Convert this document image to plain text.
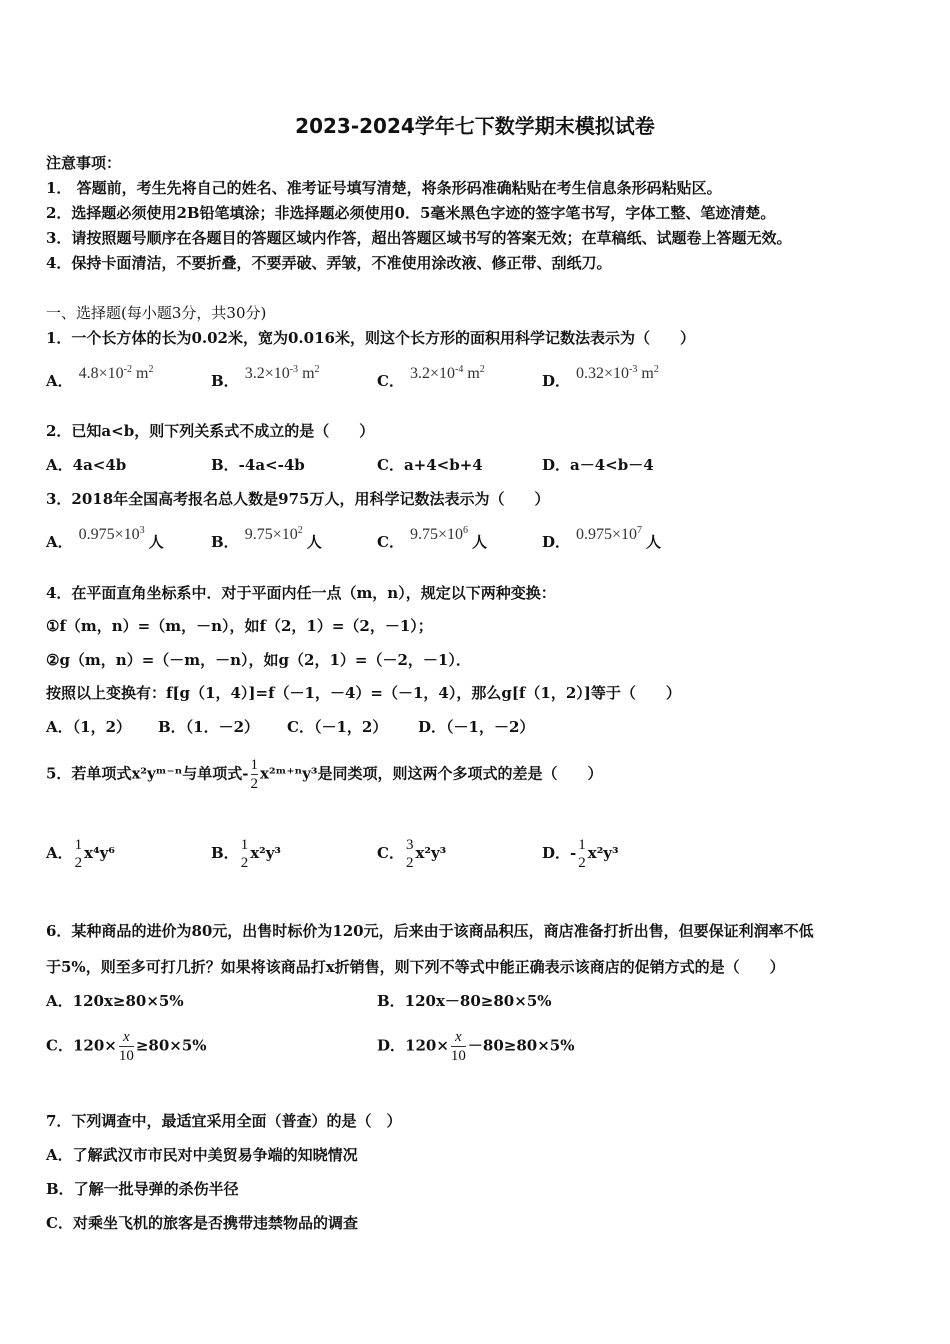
2023-2024学年七下数学期末模拟试卷
注意事项：
1． 答题前，考生先将自己的姓名、准考证号填写清楚，将条形码准确粘贴在考生信息条形码粘贴区。
2．选择题必须使用2B铅笔填涂；非选择题必须使用0．5毫米黑色字迹的签字笔书写，字体工整、笔迹清楚。
3．请按照题号顺序在各题目的答题区域内作答，超出答题区域书写的答案无效；在草稿纸、试题卷上答题无效。
4．保持卡面清洁，不要折叠，不要弄破、弄皱，不准使用涂改液、修正带、刮纸刀。
一、选择题(每小题3分，共30分)
1．一个长方体的长为0.02米，宽为0.016米，则这个长方形的面积用科学记数法表示为（　　）
A． $4.8\times 10^{-2}$ $m^2$
B． $3.2\times 10^{-3}$ $m^2$
C． $3.2\times 10^{-4}$ $m^2$
D． $0.32\times 10^{-3}$ $m^2$
2．已知a<b，则下列关系式不成立的是（　　）
A．4a<4b	B．-4a<-4b	C．a+4<b+4	D．a－4<b－4
3．2018年全国高考报名总人数是975万人，用科学记数法表示为（　　）
A． $0.975\times 10^3$人	B． $9.75\times 10^2$人	C． $9.75\times 10^6$人	D． $0.975\times 10^7$人
4．在平面直角坐标系中．对于平面内任一点（m，n），规定以下两种变换：
①f（m，n）=（m，－n），如f（2，1）=（2，－1）；
②g（m，n）=（－m，－n），如g（2，1）=（－2，－1）．
按照以上变换有：f[g（1，4）]=f（－1，－4）=（－1，4），那么g[f（1，2）]等于（　　）
A．（1，2） B．（1．－2） C．（－1，2） D．（－1，－2）
5．若单项式x²yᵐ⁻ⁿ与单项式- $\frac{1}{2}$ x²ᵐ⁺ⁿy³是同类项，则这两个多项式的差是（　　）
A． 1
2
x⁴y⁶	B． 1
2
x²y³	C． 3
2
x²y³	D．- 1
2
x²y³
6．某种商品的进价为80元，出售时标价为120元，后来由于该商品积压，商店准备打折出售，但要保证利润率不低
于5%，则至多可打几折？如果将该商品打x折销售，则下列不等式中能正确表示该商店的促销方式的是（　　）
A．120x≥80×5%	B．120x－80≥80×5%
C．$120\times \frac{x}{10} \ge 80\times 5\%$	D．$120\times \frac{x}{10} -80\ge 80\times 5\%$
7．下列调查中，最适宜采用全面（普查）的是（　）
A．了解武汉市市民对中美贸易争端的知晓情况
B．了解一批导弹的杀伤半径
C．对乘坐飞机的旅客是否携带违禁物品的调查
